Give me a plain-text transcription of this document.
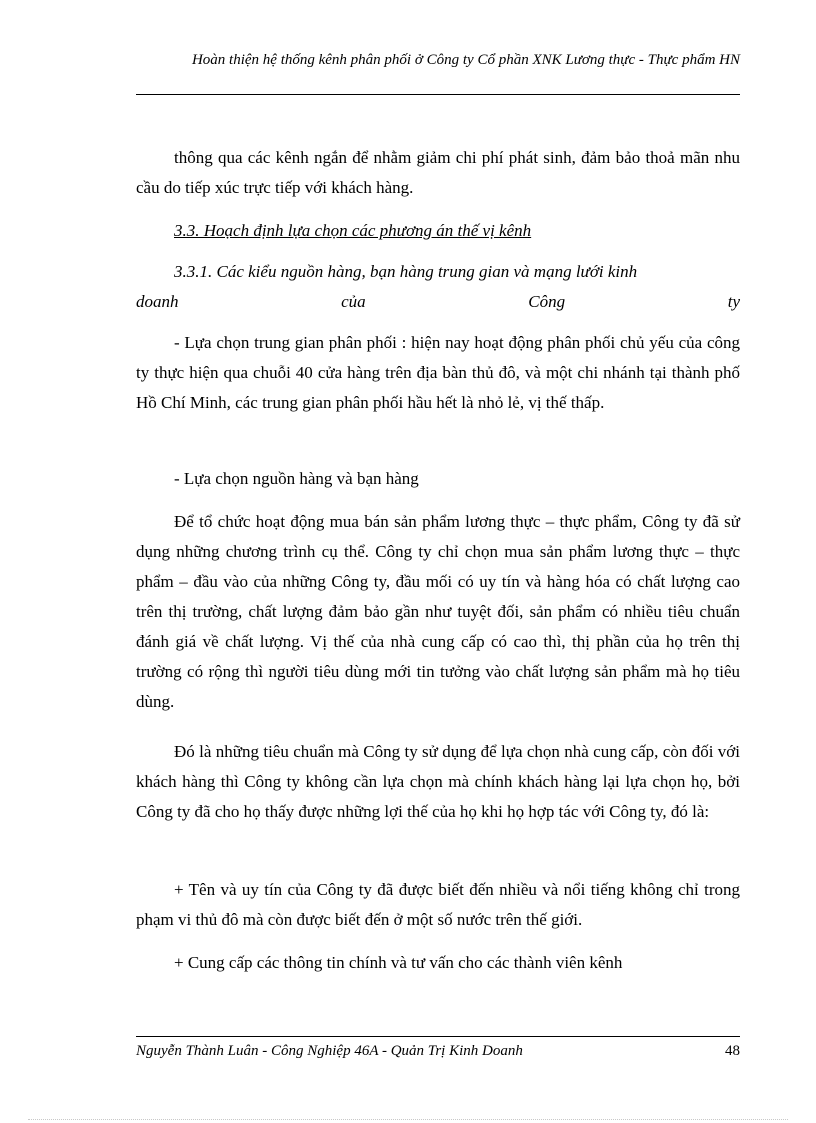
Hoàn thiện hệ thống kênh phân phối ở Công ty Cổ phần XNK Lương thực - Thực phẩm HN
thông qua các kênh ngắn để nhằm giảm chi phí phát sinh, đảm bảo thoả mãn nhu cầu do tiếp xúc trực tiếp với khách hàng.
3.3. Hoạch định lựa chọn các phương án thế vị kênh
3.3.1. Các kiểu nguồn hàng, bạn hàng trung gian và mạng lưới kinh
doanh	của	Công	ty
- Lựa chọn trung gian phân phối : hiện nay hoạt động phân phối chủ yếu của công ty thực hiện qua chuỗi 40 cửa hàng trên địa bàn thủ đô, và một chi nhánh tại thành phố Hồ Chí Minh, các trung gian phân phối hầu hết là nhỏ lẻ, vị thế thấp.
- Lựa chọn nguồn hàng và bạn hàng
Để tổ chức hoạt động mua bán sản phẩm lương thực – thực phẩm, Công ty đã sử dụng những chương trình cụ thể. Công ty chỉ chọn mua sản phẩm lương thực – thực phẩm – đầu vào của những Công ty, đầu mối có uy tín và hàng hóa có chất lượng cao trên thị trường, chất lượng đảm bảo gần như tuyệt đối, sản phẩm có nhiều tiêu chuẩn đánh giá về chất lượng. Vị thế của nhà cung cấp có cao thì, thị phần của họ trên thị trường có rộng thì người tiêu dùng mới tin tưởng vào chất lượng sản phẩm mà họ tiêu dùng.
Đó là những tiêu chuẩn mà Công ty sử dụng để lựa chọn nhà cung cấp, còn đối với khách hàng thì Công ty không cần lựa chọn mà chính khách hàng lại lựa chọn họ, bởi Công ty đã cho họ thấy được những lợi thế của họ khi họ hợp tác với Công ty, đó là:
+ Tên và uy tín của Công ty đã được biết đến nhiều và nổi tiếng không chỉ trong phạm vi thủ đô mà còn được biết đến ở một số nước trên thế giới.
+ Cung cấp các thông tin chính và tư vấn cho các thành viên kênh
Nguyễn Thành Luân - Công Nghiệp 46A - Quản Trị Kinh Doanh	48
